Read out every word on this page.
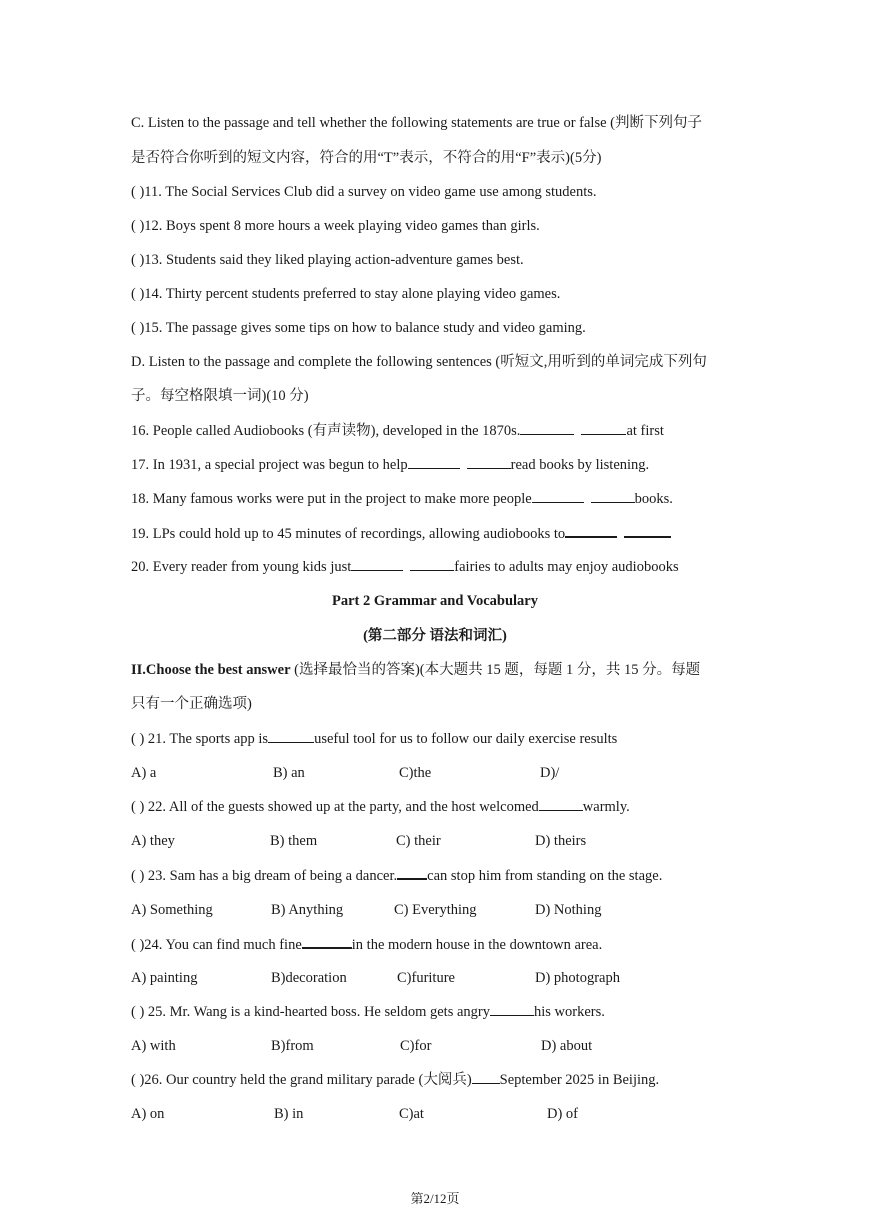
C. Listen to the passage and tell whether the following statements are true or false (判断下列句子
是否符合你听到的短文内容，符合的用“T”表示，不符合的用“F”表示)(5分)
( )11. The Social Services Club did a survey on video game use among students.
( )12. Boys spent 8 more hours a week playing video games than girls.
( )13. Students said they liked playing action-adventure games best.
( )14. Thirty percent students preferred to stay alone playing video games.
( )15. The passage gives some tips on how to balance study and video gaming.
D. Listen to the passage and complete the following sentences (听短文,用听到的单词完成下列句
子。每空格限填一词)(10 分)
16. People called Audiobooks (有声读物), developed in the 1870s.	at first
17. In 1931, a special project was begun to help	read books by listening.
18. Many famous works were put in the project to make more people	books.
19. LPs could hold up to 45 minutes of recordings, allowing audiobooks to
20. Every reader from young kids just	fairies to adults may enjoy audiobooks
Part 2 Grammar and Vocabulary
(第二部分 语法和词汇)
II.Choose the best answer (选择最恰当的答案)(本大题共 15 题，每题 1 分，共 15 分。每题
只有一个正确选项)
( ) 21. The sports app is	useful tool for us to follow our daily exercise results
A) a	B) an	C)the	D)/
( ) 22. All of the guests showed up at the party, and the host welcomed	warmly.
A) they	B) them	C) their	D) theirs
( ) 23. Sam has a big dream of being a dancer. can stop him from standing on the stage.
A) Something	B) Anything	C) Everything	D) Nothing
( )24. You can find much fine	in the modern house in the downtown area.
A) painting	B)decoration	C)furiture	D) photograph
( ) 25. Mr. Wang is a kind-hearted boss. He seldom gets angry	his workers.
A) with	B)from	C)for	D) about
( )26. Our country held the grand military parade (大阅兵) September 2025 in Beijing.
A) on	B) in	C)at	D) of
第2/12页
